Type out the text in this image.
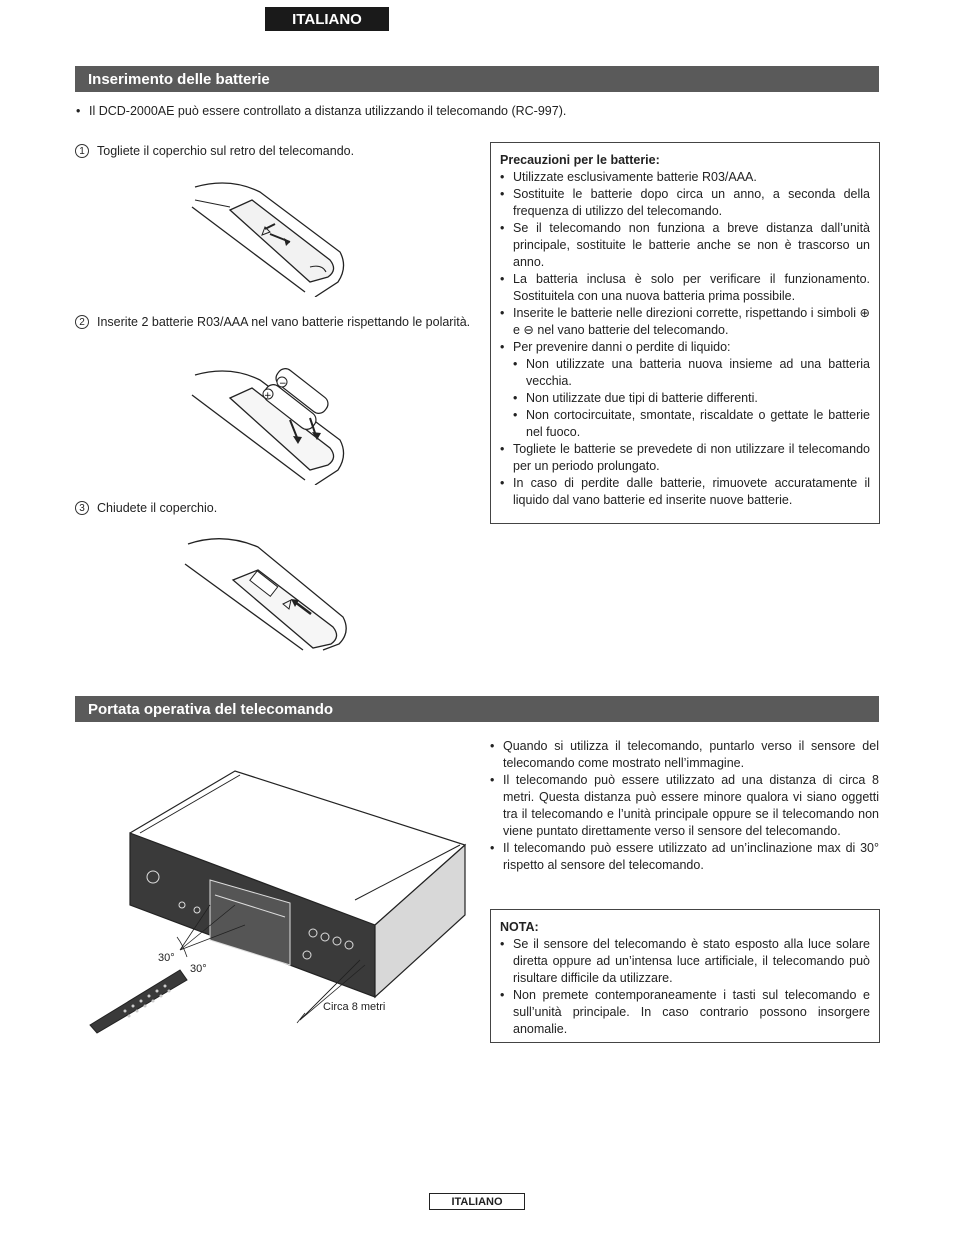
ITALIANO
Inserimento delle batterie
• Il DCD-2000AE può essere controllato a distanza utilizzando il telecomando (RC-997).
1 Togliete il coperchio sul retro del telecomando.
2 Inserite 2 batterie R03/AAA nel vano batterie rispettando le polarità.
+
−
3 Chiudete il coperchio.
Precauzioni per le batterie:
• Utilizzate esclusivamente batterie R03/AAA.
• Sostituite le batterie dopo circa un anno, a seconda della frequenza di utilizzo del telecomando.
• Se il telecomando non funziona a breve distanza dall’unità principale, sostituite le batterie anche se non è trascorso un anno.
• La batteria inclusa è solo per verificare il funzionamento. Sostituitela con una nuova batteria prima possibile.
• Inserite le batterie nelle direzioni corrette, rispettando i simboli ⊕ e ⊖ nel vano batterie del telecomando.
• Per prevenire danni o perdite di liquido:
• Non utilizzate una batteria nuova insieme ad una batteria vecchia.
• Non utilizzate due tipi di batterie differenti.
• Non cortocircuitate, smontate, riscaldate o gettate le batterie nel fuoco.
• Togliete le batterie se prevedete di non utilizzare il telecomando per un periodo prolungato.
• In caso di perdite dalle batterie, rimuovete accuratamente il liquido dal vano batterie ed inserite nuove batterie.
Portata operativa del telecomando
• Quando si utilizza il telecomando, puntarlo verso il sensore del telecomando come mostrato nell’immagine.
• Il telecomando può essere utilizzato ad una distanza di circa 8 metri. Questa distanza può essere minore qualora vi siano oggetti tra il telecomando e l’unità principale oppure se il telecomando non viene puntato direttamente verso il sensore del telecomando.
• Il telecomando può essere utilizzato ad un’inclinazione max di 30° rispetto al sensore del telecomando.
30°
30°
Circa 8 metri
NOTA:
• Se il sensore del telecomando è stato esposto alla luce solare diretta oppure ad un’intensa luce artificiale, il telecomando può risultare difficile da utilizzare.
• Non premete contemporaneamente i tasti sul telecomando e sull’unità principale. In caso contrario possono insorgere anomalie.
ITALIANO
